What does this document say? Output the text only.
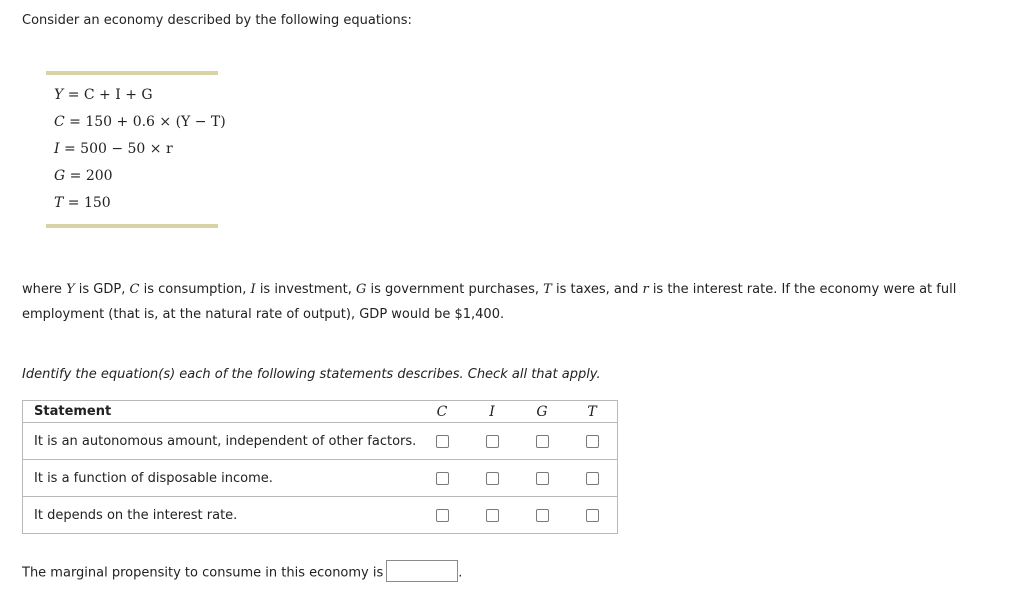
Consider an economy described by the following equations:
Y = C + I + G
C = 150 + 0.6 × (Y − T)
I = 500 − 50 × r
G = 200
T = 150
where Y is GDP, C is consumption, I is investment, G is government purchases, T is taxes, and r is the interest rate. If the economy were at full employment (that is, at the natural rate of output), GDP would be $1,400.
Identify the equation(s) each of the following statements describes. Check all that apply.
Statement	C	I	G	T
It is an autonomous amount, independent of other factors.				
It is a function of disposable income.				
It depends on the interest rate.				
The marginal propensity to consume in this economy is	.
